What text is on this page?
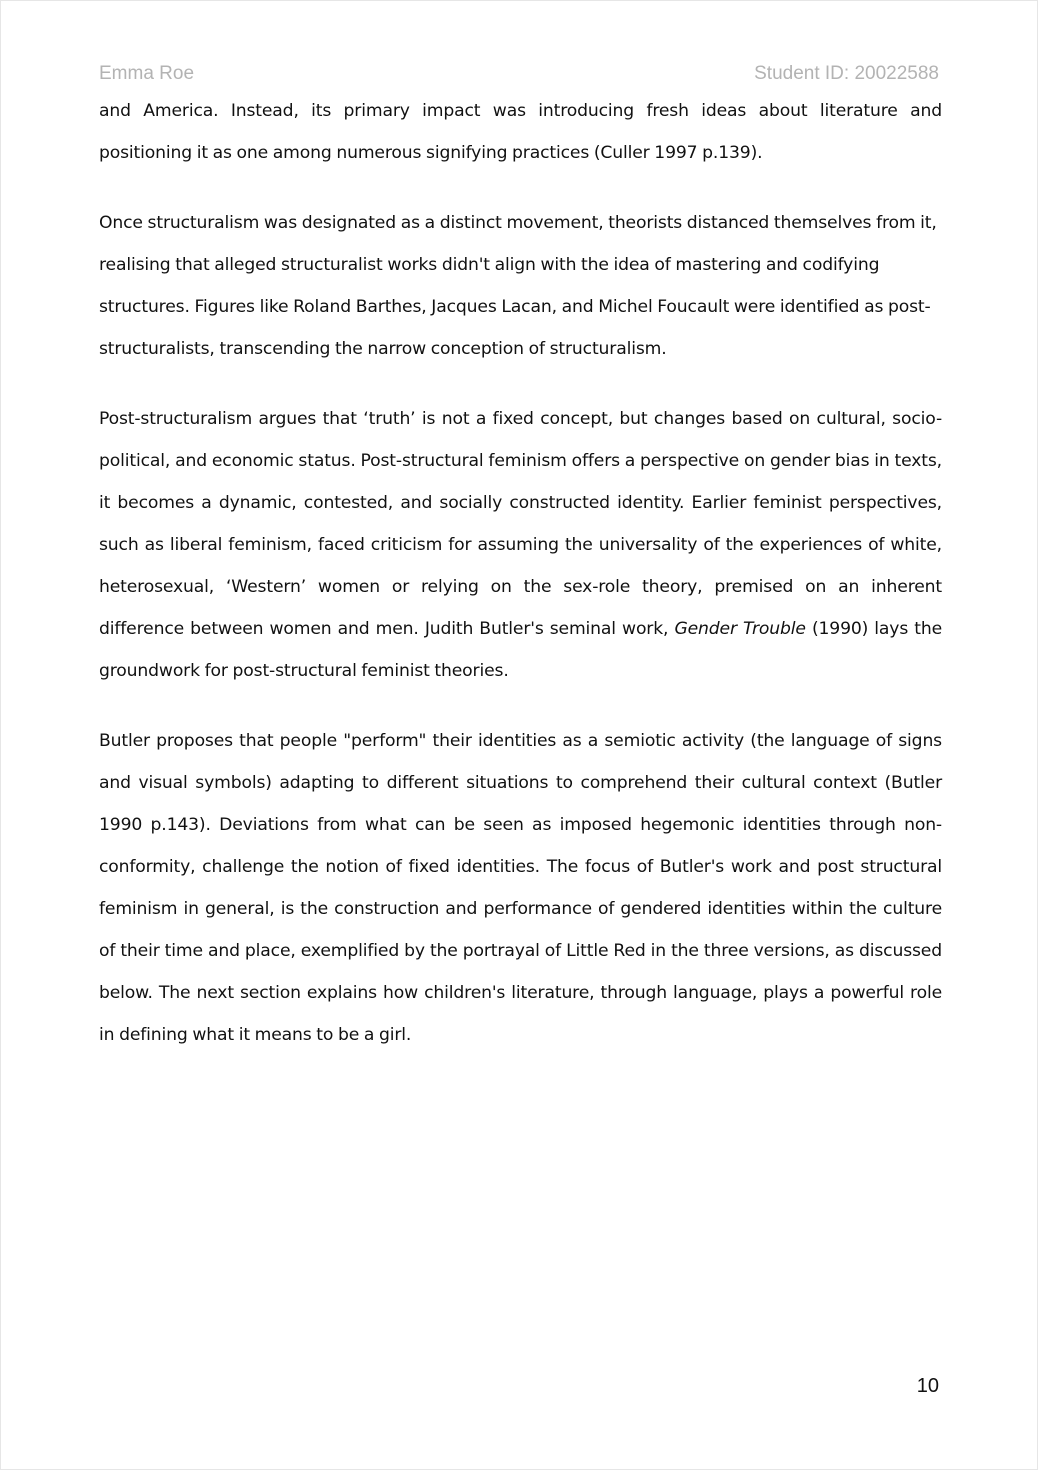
Emma Roe	Student ID: 20022588

and America. Instead, its primary impact was introducing fresh ideas about literature and positioning it as one among numerous signifying practices (Culler 1997 p.139).

Once structuralism was designated as a distinct movement, theorists distanced themselves from it, realising that alleged structuralist works didn't align with the idea of mastering and codifying structures. Figures like Roland Barthes, Jacques Lacan, and Michel Foucault were identified as post-structuralists, transcending the narrow conception of structuralism.

Post-structuralism argues that ‘truth’ is not a fixed concept, but changes based on cultural, socio-political, and economic status. Post-structural feminism offers a perspective on gender bias in texts, it becomes a dynamic, contested, and socially constructed identity. Earlier feminist perspectives, such as liberal feminism, faced criticism for assuming the universality of the experiences of white, heterosexual, ‘Western’ women or relying on the sex-role theory, premised on an inherent difference between women and men. Judith Butler's seminal work, Gender Trouble (1990) lays the groundwork for post-structural feminist theories.

Butler proposes that people "perform" their identities as a semiotic activity (the language of signs and visual symbols) adapting to different situations to comprehend their cultural context (Butler 1990 p.143). Deviations from what can be seen as imposed hegemonic identities through non-conformity, challenge the notion of fixed identities. The focus of Butler's work and post structural feminism in general, is the construction and performance of gendered identities within the culture of their time and place, exemplified by the portrayal of Little Red in the three versions, as discussed below. The next section explains how children's literature, through language, plays a powerful role in defining what it means to be a girl.

10
